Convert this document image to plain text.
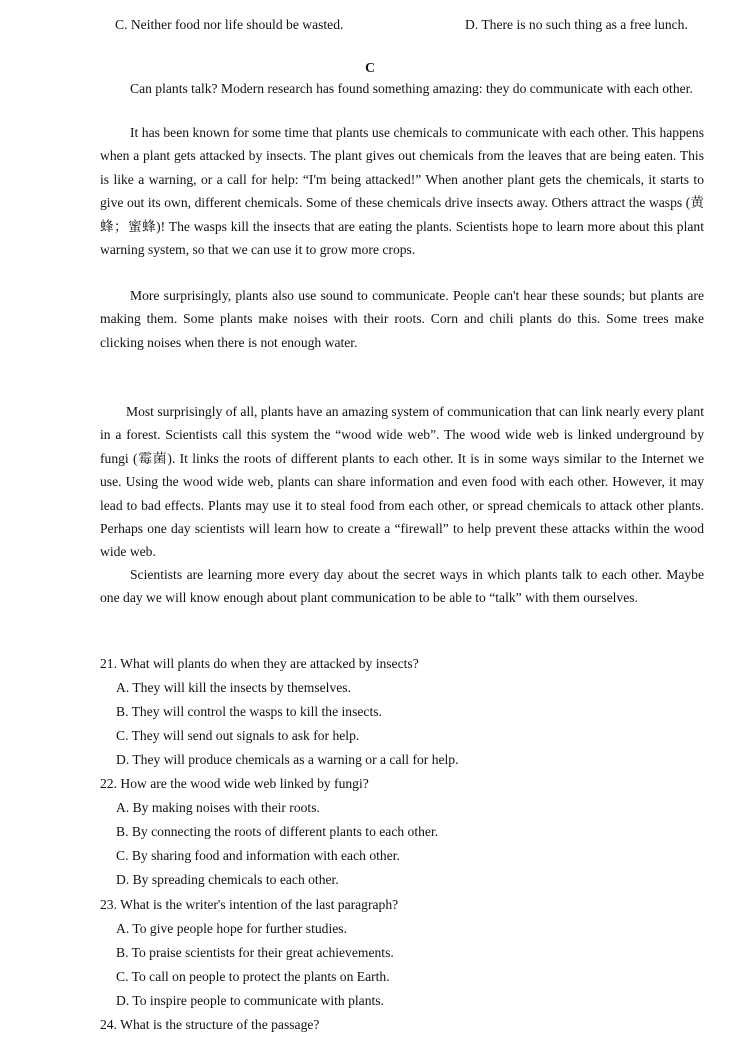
C. Neither food nor life should be wasted.	D. There is no such thing as a free lunch.
C

Can plants talk? Modern research has found something amazing: they do communicate with each other.

It has been known for some time that plants use chemicals to communicate with each other. This happens when a plant gets attacked by insects. The plant gives out chemicals from the leaves that are being eaten. This is like a warning, or a call for help: “I'm being attacked!” When another plant gets the chemicals, it starts to give out its own, different chemicals. Some of these chemicals drive insects away. Others attract the wasps (黄蜂；蜜蜂)! The wasps kill the insects that are eating the plants. Scientists hope to learn more about this plant warning system, so that we can use it to grow more crops.

More surprisingly, plants also use sound to communicate. People can't hear these sounds; but plants are making them. Some plants make noises with their roots. Corn and chili plants do this. Some trees make clicking noises when there is not enough water.

Most surprisingly of all, plants have an amazing system of communication that can link nearly every plant in a forest. Scientists call this system the “wood wide web”. The wood wide web is linked underground by fungi (霉菌). It links the roots of different plants to each other. It is in some ways similar to the Internet we use. Using the wood wide web, plants can share information and even food with each other. However, it may lead to bad effects. Plants may use it to steal food from each other, or spread chemicals to attack other plants. Perhaps one day scientists will learn how to create a “firewall” to help prevent these attacks within the wood wide web.

Scientists are learning more every day about the secret ways in which plants talk to each other. Maybe one day we will know enough about plant communication to be able to “talk” with them ourselves.

21. What will plants do when they are attacked by insects?

A. They will kill the insects by themselves.

B. They will control the wasps to kill the insects.

C. They will send out signals to ask for help.

D. They will produce chemicals as a warning or a call for help.

22. How are the wood wide web linked by fungi?

A. By making noises with their roots.

B. By connecting the roots of different plants to each other.

C. By sharing food and information with each other.

D. By spreading chemicals to each other.

23. What is the writer's intention of the last paragraph?

A. To give people hope for further studies.

B. To praise scientists for their great achievements.

C. To call on people to protect the plants on Earth.

D. To inspire people to communicate with plants.

24. What is the structure of the passage?
